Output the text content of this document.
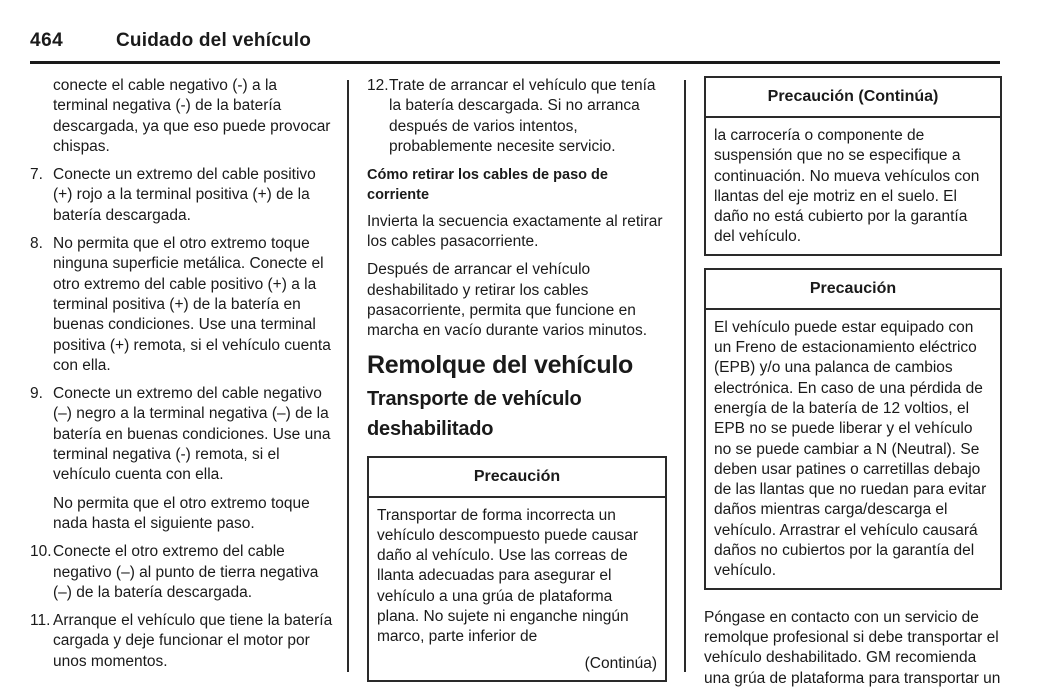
464	Cuidado del vehículo

conecte el cable negativo (-) a la terminal negativa (-) de la batería descargada, ya que eso puede provocar chispas.

7. Conecte un extremo del cable positivo (+) rojo a la terminal positiva (+) de la batería descargada.
8. No permita que el otro extremo toque ninguna superficie metálica. Conecte el otro extremo del cable positivo (+) a la terminal positiva (+) de la batería en buenas condiciones. Use una terminal positiva (+) remota, si el vehículo cuenta con ella.
9. Conecte un extremo del cable negativo (–) negro a la terminal negativa (–) de la batería en buenas condiciones. Use una terminal negativa (-) remota, si el vehículo cuenta con ella.

No permita que el otro extremo toque nada hasta el siguiente paso.

10. Conecte el otro extremo del cable negativo (–) al punto de tierra negativa (–) de la batería descargada.
11. Arranque el vehículo que tiene la batería cargada y deje funcionar el motor por unos momentos.
12. Trate de arrancar el vehículo que tenía la batería descargada. Si no arranca después de varios intentos, probablemente necesite servicio.
Cómo retirar los cables de paso de corriente

Invierta la secuencia exactamente al retirar los cables pasacorriente.

Después de arrancar el vehículo deshabilitado y retirar los cables pasacorriente, permita que funcione en marcha en vacío durante varios minutos.

Remolque del vehículo
Transporte de vehículo deshabilitado
Precaución

Transportar de forma incorrecta un vehículo descompuesto puede causar daño al vehículo. Use las correas de llanta adecuadas para asegurar el vehículo a una grúa de plataforma plana. No sujete ni enganche ningún marco, parte inferior de

(Continúa)
Precaución (Continúa)

la carrocería o componente de suspensión que no se especifique a continuación. No mueva vehículos con llantas del eje motriz en el suelo. El daño no está cubierto por la garantía del vehículo.

Precaución

El vehículo puede estar equipado con un Freno de estacionamiento eléctrico (EPB) y/o una palanca de cambios electrónica. En caso de una pérdida de energía de la batería de 12 voltios, el EPB no se puede liberar y el vehículo no se puede cambiar a N (Neutral). Se deben usar patines o carretillas debajo de las llantas que no ruedan para evitar daños mientras carga/descarga el vehículo. Arrastrar el vehículo causará daños no cubiertos por la garantía del vehículo.

Póngase en contacto con un servicio de remolque profesional si debe transportar el vehículo deshabilitado. GM recomienda una grúa de plataforma para transportar un
